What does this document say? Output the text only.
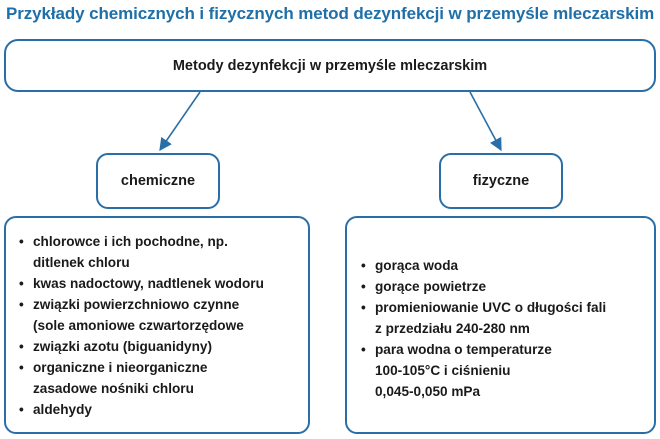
Przykłady chemicznych i fizycznych metod dezynfekcji w przemyśle mleczarskim
Metody dezynfekcji w przemyśle mleczarskim
chemiczne	fizyczne
• chlorowce i ich pochodne, np.
ditlenek chloru
• kwas nadoctowy, nadtlenek wodoru
• związki powierzchniowo czynne
(sole amoniowe czwartorzędowe
• związki azotu (biguanidyny)
• organiczne i nieorganiczne
zasadowe nośniki chloru
• aldehydy
• gorąca woda
• gorące powietrze
• promieniowanie UVC o długości fali
z przedziału 240-280 nm
• para wodna o temperaturze
100-105°C i ciśnieniu
0,045-0,050 mPa
